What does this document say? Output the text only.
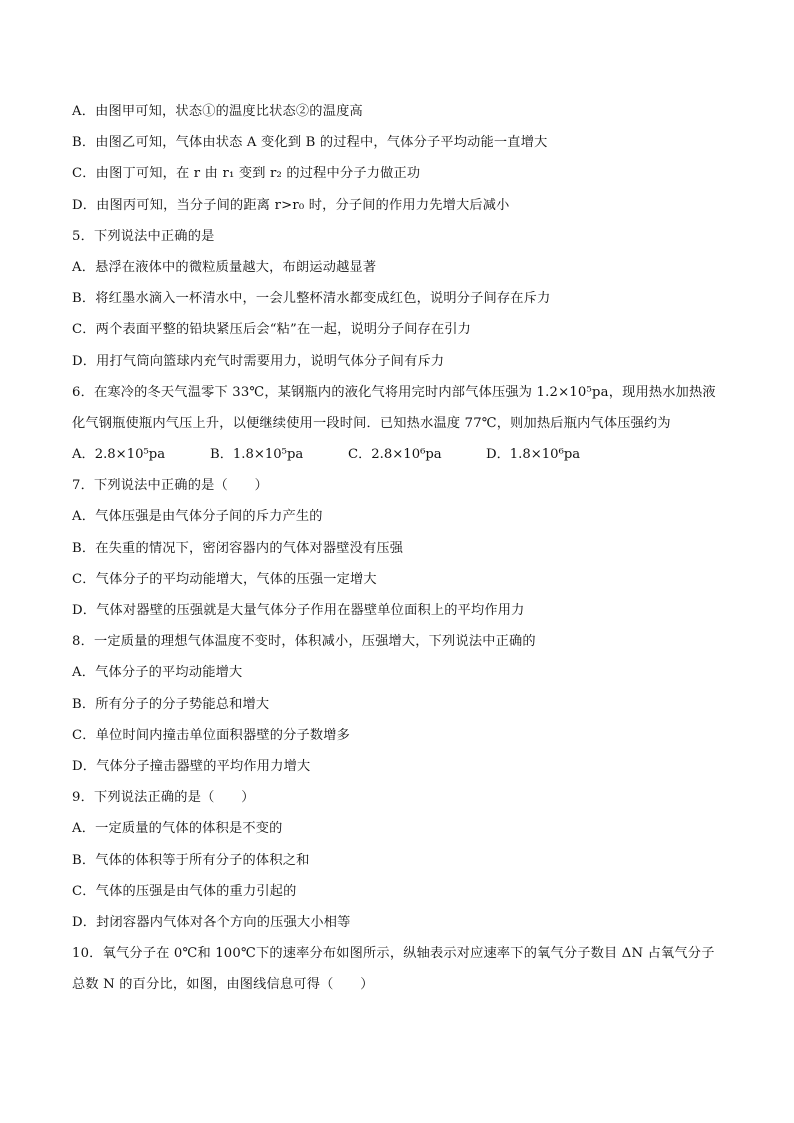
A．由图甲可知，状态①的温度比状态②的温度高
B．由图乙可知，气体由状态 A 变化到 B 的过程中，气体分子平均动能一直增大
C．由图丁可知，在 r 由 r₁ 变到 r₂ 的过程中分子力做正功
D．由图丙可知，当分子间的距离 r>r₀ 时，分子间的作用力先增大后减小
5．下列说法中正确的是
A．悬浮在液体中的微粒质量越大，布朗运动越显著
B．将红墨水滴入一杯清水中，一会儿整杯清水都变成红色，说明分子间存在斥力
C．两个表面平整的铅块紧压后会“粘”在一起，说明分子间存在引力
D．用打气筒向篮球内充气时需要用力，说明气体分子间有斥力
6．在寒冷的冬天气温零下 33℃，某钢瓶内的液化气将用完时内部气体压强为 1.2×10⁵pa，现用热水加热液
化气钢瓶使瓶内气压上升，以便继续使用一段时间．已知热水温度 77℃，则加热后瓶内气体压强约为
A．2.8×10⁵pa	B．1.8×10⁵pa	C．2.8×10⁶pa	D．1.8×10⁶pa
7．下列说法中正确的是（　　）
A．气体压强是由气体分子间的斥力产生的
B．在失重的情况下，密闭容器内的气体对器壁没有压强
C．气体分子的平均动能增大，气体的压强一定增大
D．气体对器壁的压强就是大量气体分子作用在器壁单位面积上的平均作用力
8．一定质量的理想气体温度不变时，体积减小，压强增大，下列说法中正确的
A．气体分子的平均动能增大
B．所有分子的分子势能总和增大
C．单位时间内撞击单位面积器壁的分子数增多
D．气体分子撞击器壁的平均作用力增大
9．下列说法正确的是（　　）
A．一定质量的气体的体积是不变的
B．气体的体积等于所有分子的体积之和
C．气体的压强是由气体的重力引起的
D．封闭容器内气体对各个方向的压强大小相等
10．氧气分子在 0℃和 100℃下的速率分布如图所示，纵轴表示对应速率下的氧气分子数目 ΔN 占氧气分子
总数 N 的百分比，如图，由图线信息可得（　　）
